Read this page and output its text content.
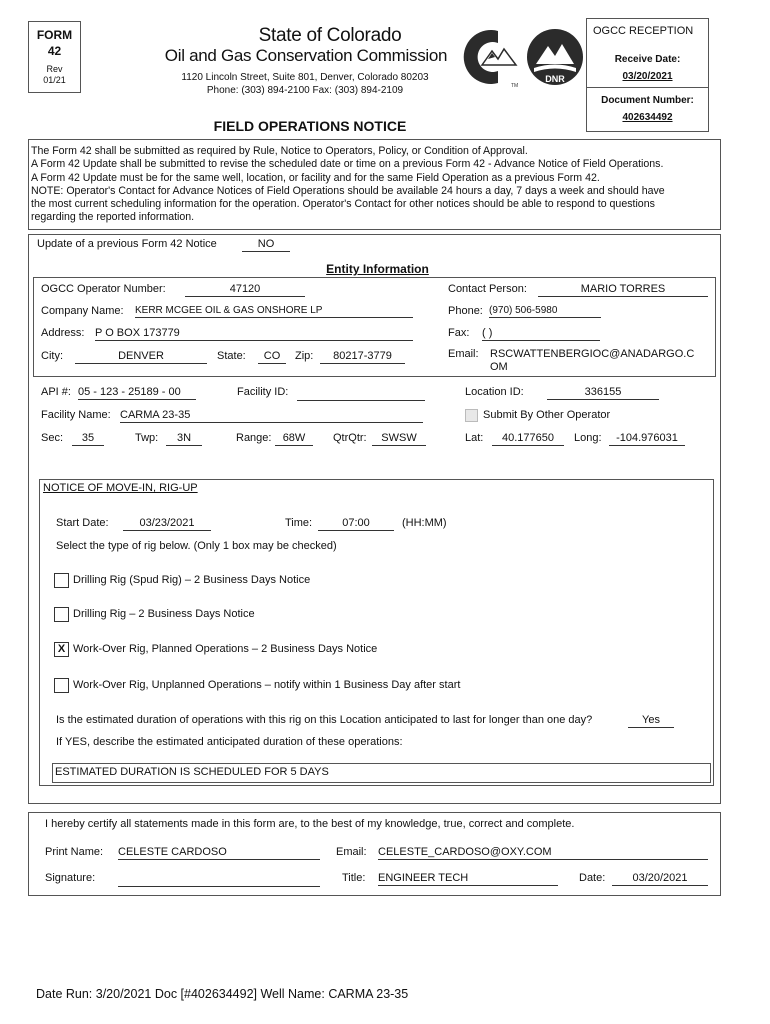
FORM
42
Rev
01/21
State of Colorado
Oil and Gas Conservation Commission
1120 Lincoln Street, Suite 801, Denver, Colorado 80203
Phone: (303) 894-2100 Fax: (303) 894-2109	TM
DNR
OGCC RECEPTION
Receive Date:
03/20/2021
Document Number:
402634492
FIELD OPERATIONS NOTICE
The Form 42 shall be submitted as required by Rule, Notice to Operators, Policy, or Condition of Approval.
A Form 42 Update shall be submitted to revise the scheduled date or time on a previous Form 42 - Advance Notice of Field Operations.
A Form 42 Update must be for the same well, location, or facility and for the same Field Operation as a previous Form 42.
NOTE: Operator's Contact for Advance Notices of Field Operations should be available 24 hours a day, 7 days a week and should have
the most current scheduling information for the operation. Operator's Contact for other notices should be able to respond to questions
regarding the reported information.
Update of a previous Form 42 Notice	NO
Entity Information
OGCC Operator Number:	47120	Contact Person:	MARIO TORRES
Company Name: KERR MCGEE OIL & GAS ONSHORE LP	Phone: (970) 506-5980
Address: P O BOX 173779	Fax: ( )
City:	DENVER	State:	CO	Zip:	80217-3779	Email: RSCWATTENBERGIOC@ANADARGO.C
OM
API #: 05 - 123 - 25189 - 00	Facility ID:	Location ID:	336155
Facility Name: CARMA 23-35	Submit By Other Operator
Sec:	35	Twp:	3N	Range:	68W	QtrQtr:	SWSW	Lat:	40.177650	Long:	-104.976031
NOTICE OF MOVE-IN, RIG-UP
Start Date:	03/23/2021	Time:	07:00	(HH:MM)
Select the type of rig below. (Only 1 box may be checked)
Drilling Rig (Spud Rig) – 2 Business Days Notice
Drilling Rig – 2 Business Days Notice
X Work-Over Rig, Planned Operations – 2 Business Days Notice
Work-Over Rig, Unplanned Operations – notify within 1 Business Day after start
Is the estimated duration of operations with this rig on this Location anticipated to last for longer than one day?	Yes
If YES, describe the estimated anticipated duration of these operations:
ESTIMATED DURATION IS SCHEDULED FOR 5 DAYS
I hereby certify all statements made in this form are, to the best of my knowledge, true, correct and complete.
Print Name: CELESTE CARDOSO	Email: CELESTE_CARDOSO@OXY.COM
Signature:	Title: ENGINEER TECH	Date:	03/20/2021
Date Run: 3/20/2021 Doc [#402634492] Well Name: CARMA 23-35
